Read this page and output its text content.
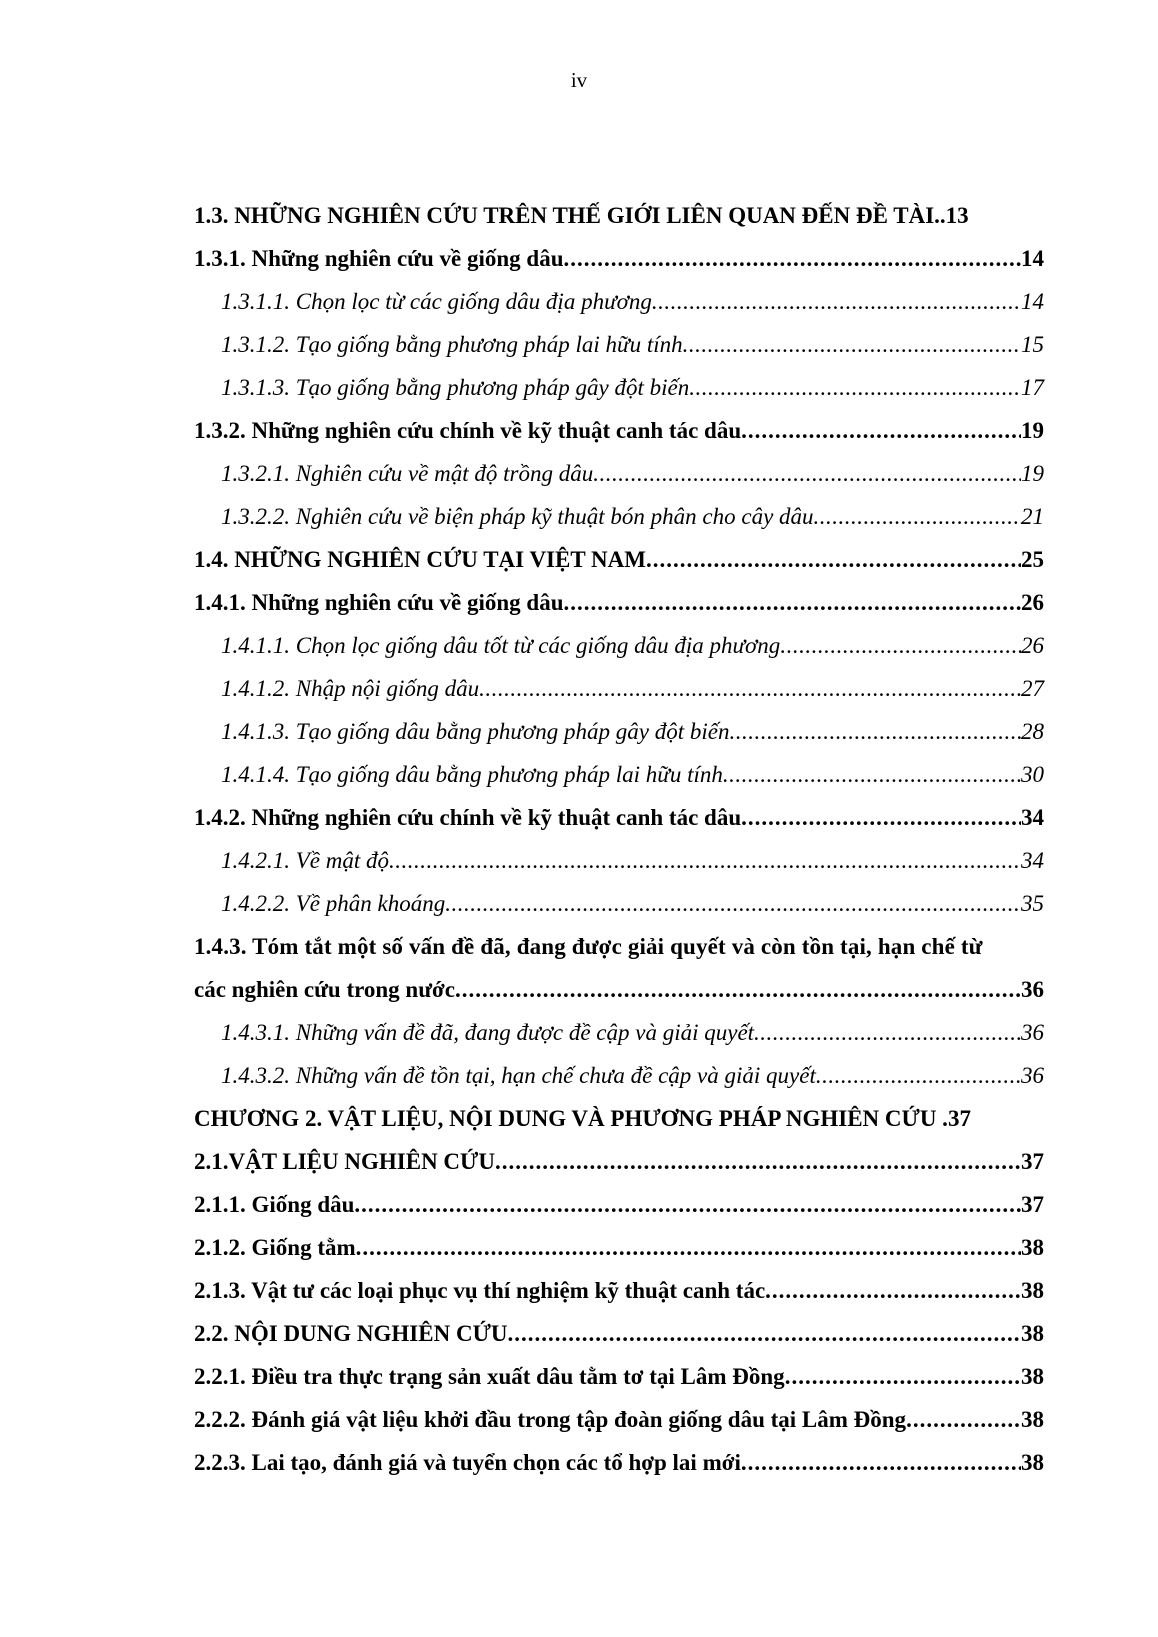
iv
1.3. NHỮNG NGHIÊN CỨU TRÊN THẾ GIỚI LIÊN QUAN ĐẾN ĐỀ TÀI.. 13
1.3.1. Những nghiên cứu về giống dâu .....	14
1.3.1.1. Chọn lọc từ các giống dâu địa phương .....	14
1.3.1.2. Tạo giống bằng phương pháp lai hữu tính .....	15
1.3.1.3. Tạo giống bằng phương pháp gây đột biến .....	17
1.3.2. Những nghiên cứu chính về kỹ thuật canh tác dâu .....	19
1.3.2.1. Nghiên cứu về mật độ trồng dâu .....	19
1.3.2.2. Nghiên cứu về biện pháp kỹ thuật bón phân cho cây dâu .....	21
1.4. NHỮNG NGHIÊN CỨU TẠI VIỆT NAM .....	25
1.4.1. Những nghiên cứu về giống dâu .....	26
1.4.1.1. Chọn lọc giống dâu tốt từ các giống dâu địa phương .....	26
1.4.1.2. Nhập nội giống dâu .....	27
1.4.1.3. Tạo giống dâu bằng phương pháp gây đột biến .....	28
1.4.1.4. Tạo giống dâu bằng phương pháp lai hữu tính .....	30
1.4.2. Những nghiên cứu chính về kỹ thuật canh tác dâu .....	34
1.4.2.1. Về mật độ .....	34
1.4.2.2. Về phân khoáng .....	35
1.4.3. Tóm tắt một số vấn đề đã, đang được giải quyết và còn tồn tại, hạn chế từ
các nghiên cứu trong nước .....	36
1.4.3.1. Những vấn đề đã, đang được đề cập và giải quyết .....	36
1.4.3.2. Những vấn đề tồn tại, hạn chế chưa đề cập và giải quyết .....	36
CHƯƠNG 2. VẬT LIỆU, NỘI DUNG VÀ PHƯƠNG PHÁP NGHIÊN CỨU . 37
2.1.VẬT LIỆU NGHIÊN CỨU .....	37
2.1.1. Giống dâu .....	37
2.1.2. Giống tằm .....	38
2.1.3. Vật tư các loại phục vụ thí nghiệm kỹ thuật canh tác .....	38
2.2. NỘI DUNG NGHIÊN CỨU .....	38
2.2.1. Điều tra thực trạng sản xuất dâu tằm tơ tại Lâm Đồng .....	38
2.2.2. Đánh giá vật liệu khởi đầu trong tập đoàn giống dâu tại Lâm Đồng .....	38
2.2.3. Lai tạo, đánh giá và tuyển chọn các tổ hợp lai mới .....	38
